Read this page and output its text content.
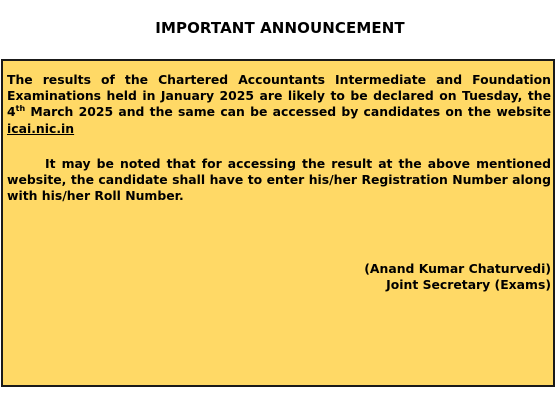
IMPORTANT ANNOUNCEMENT

The results of the Chartered Accountants Intermediate and Foundation
Examinations held in January 2025 are likely to be declared on Tuesday, the
4th March 2025 and the same can be accessed by candidates on the website
icai.nic.in

It may be noted that for accessing the result at the above mentioned
website, the candidate shall have to enter his/her Registration Number along
with his/her Roll Number.

(Anand Kumar Chaturvedi)
Joint Secretary (Exams)
